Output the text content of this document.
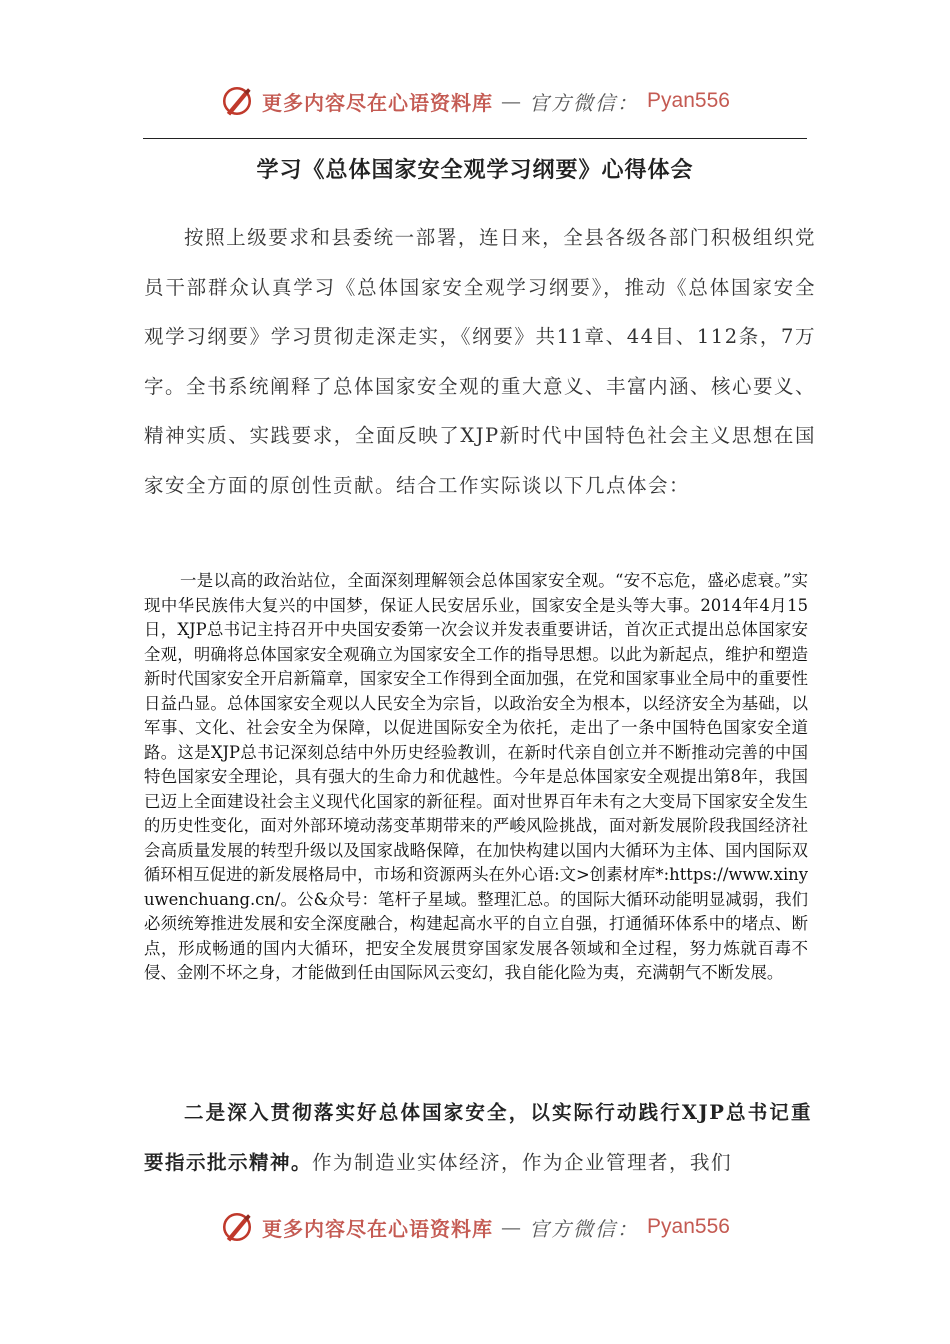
更多内容尽在心语资料库 — 官方微信： Pyan556
学习《总体国家安全观学习纲要》心得体会

按照上级要求和县委统一部署，连日来，全县各级各部门积极组织党员干部群众认真学习《总体国家安全观学习纲要》，推动《总体国家安全观学习纲要》学习贯彻走深走实，《纲要》共11章、44目、112条，7万字。全书系统阐释了总体国家安全观的重大意义、丰富内涵、核心要义、精神实质、实践要求，全面反映了XJP新时代中国特色社会主义思想在国家安全方面的原创性贡献。结合工作实际谈以下几点体会：

一是以高的政治站位，全面深刻理解领会总体国家安全观。“安不忘危，盛必虑衰。”实现中华民族伟大复兴的中国梦，保证人民安居乐业，国家安全是头等大事。2014年4月15日，XJP总书记主持召开中央国安委第一次会议并发表重要讲话，首次正式提出总体国家安全观，明确将总体国家安全观确立为国家安全工作的指导思想。以此为新起点，维护和塑造新时代国家安全开启新篇章，国家安全工作得到全面加强，在党和国家事业全局中的重要性日益凸显。总体国家安全观以人民安全为宗旨，以政治安全为根本，以经济安全为基础，以军事、文化、社会安全为保障，以促进国际安全为依托，走出了一条中国特色国家安全道路。这是XJP总书记深刻总结中外历史经验教训，在新时代亲自创立并不断推动完善的中国特色国家安全理论，具有强大的生命力和优越性。今年是总体国家安全观提出第8年，我国已迈上全面建设社会主义现代化国家的新征程。面对世界百年未有之大变局下国家安全发生的历史性变化，面对外部环境动荡变革期带来的严峻风险挑战，面对新发展阶段我国经济社会高质量发展的转型升级以及国家战略保障，在加快构建以国内大循环为主体、国内国际双循环相互促进的新发展格局中，市场和资源两头在外心语:文>创素材库*:https://www.xinyuwenchuang.cn/。公&众号：笔杆子星域。整理汇总。的国际大循环动能明显减弱，我们必须统筹推进发展和安全深度融合，构建起高水平的自立自强，打通循环体系中的堵点、断点，形成畅通的国内大循环，把安全发展贯穿国家发展各领域和全过程，努力炼就百毒不侵、金刚不坏之身，才能做到任由国际风云变幻，我自能化险为夷，充满朝气不断发展。

二是深入贯彻落实好总体国家安全，以实际行动践行XJP总书记重要指示批示精神。作为制造业实体经济，作为企业管理者，我们

更多内容尽在心语资料库 — 官方微信： Pyan556
